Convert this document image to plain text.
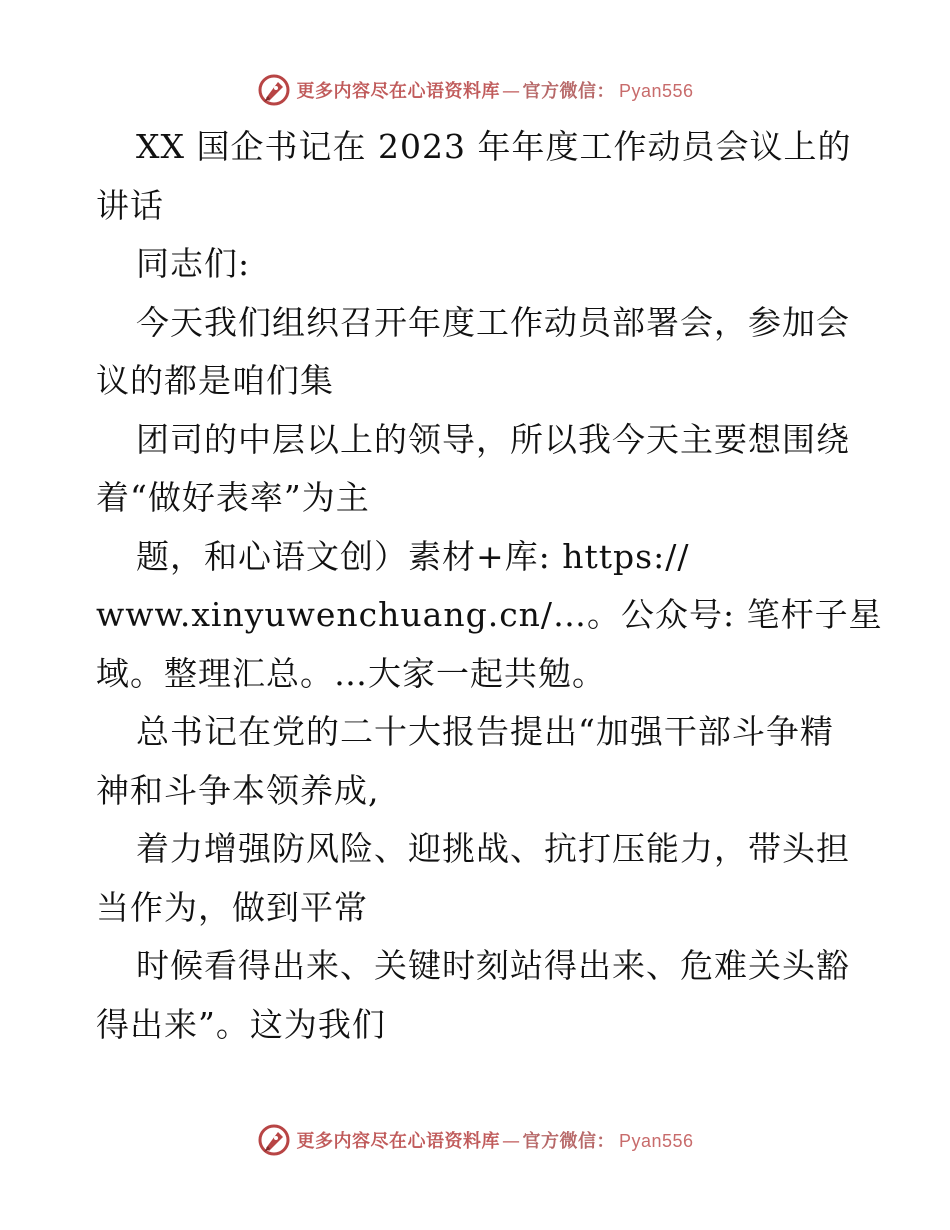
更多内容尽在心语资料库 — 官方微信： Pyan556
XX 国企书记在 2023 年年度工作动员会议上的
讲话
同志们:
今天我们组织召开年度工作动员部署会，参加会
议的都是咱们集
团司的中层以上的领导，所以我今天主要想围绕
着“做好表率”为主
题，和心语文创）素材+库: https://
www.xinyuwenchuang.cn/…。公众号: 笔杆子星
域。整理汇总。…大家一起共勉。
总书记在党的二十大报告提出“加强干部斗争精
神和斗争本领养成,
着力增强防风险、迎挑战、抗打压能力，带头担
当作为，做到平常
时候看得出来、关键时刻站得出来、危难关头豁
得出来”。这为我们
更多内容尽在心语资料库 — 官方微信： Pyan556
